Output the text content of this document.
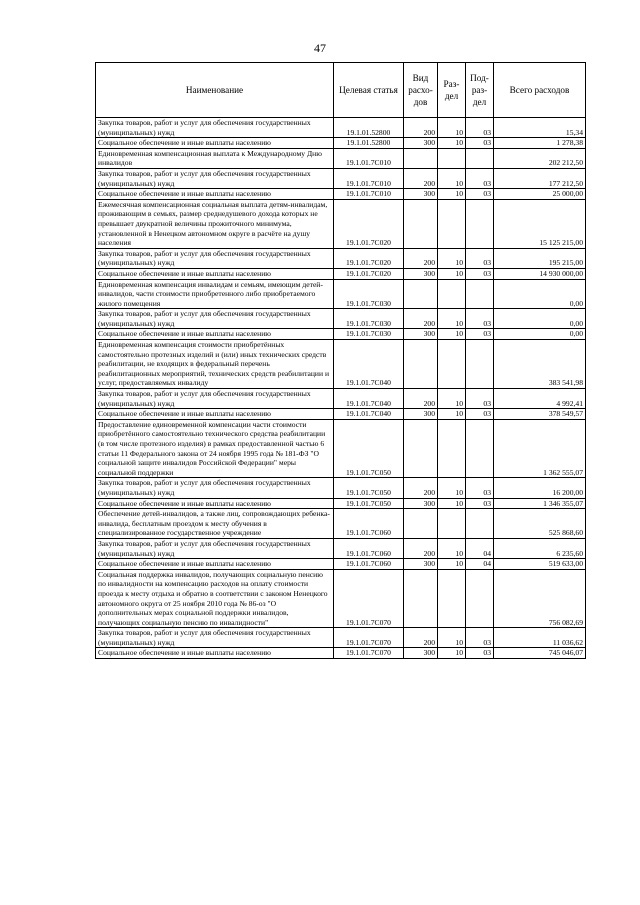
47
Наименование	Целевая статья	Вид расхо- дов	Раз- дел	Под- раз- дел	Всего расходов
Закупка товаров, работ и услуг для обеспечения государственных (муниципальных) нужд	19.1.01.52800	200	10	03	15,34
Социальное обеспечение и иные выплаты населению	19.1.01.52800	300	10	03	1 278,38
Единовременная компенсационная выплата к Международному Дню инвалидов	19.1.01.7С010				202 212,50
Закупка товаров, работ и услуг для обеспечения государственных (муниципальных) нужд	19.1.01.7С010	200	10	03	177 212,50
Социальное обеспечение и иные выплаты населению	19.1.01.7С010	300	10	03	25 000,00
Ежемесячная компенсационная социальная выплата детям-инвалидам, проживающим в семьях, размер среднедушевого дохода которых не превышает двукратной величины прожиточного минимума, установленной в Ненецком автономном округе в расчёте на душу населения	19.1.01.7С020				15 125 215,00
Закупка товаров, работ и услуг для обеспечения государственных (муниципальных) нужд	19.1.01.7С020	200	10	03	195 215,00
Социальное обеспечение и иные выплаты населению	19.1.01.7С020	300	10	03	14 930 000,00
Единовременная компенсация инвалидам и семьям, имеющим детей-инвалидов, части стоимости приобретенного либо приобретаемого жилого помещения	19.1.01.7С030				0,00
Закупка товаров, работ и услуг для обеспечения государственных (муниципальных) нужд	19.1.01.7С030	200	10	03	0,00
Социальное обеспечение и иные выплаты населению	19.1.01.7С030	300	10	03	0,00
Единовременная компенсация стоимости приобретённых самостоятельно протезных изделий и (или) иных технических средств реабилитации, не входящих в федеральный перечень реабилитационных мероприятий, технических средств реабилитации и услуг, предоставляемых инвалиду	19.1.01.7С040				383 541,98
Закупка товаров, работ и услуг для обеспечения государственных (муниципальных) нужд	19.1.01.7С040	200	10	03	4 992,41
Социальное обеспечение и иные выплаты населению	19.1.01.7С040	300	10	03	378 549,57
Предоставление единовременной компенсации части стоимости приобретённого самостоятельно технического средства реабилитации (в том числе протезного изделия) в рамках предоставленной частью 6 статьи 11 Федерального закона от 24 ноября 1995 года № 181-ФЗ "О социальной защите инвалидов Российской Федерации" меры социальной поддержки	19.1.01.7С050				1 362 555,07
Закупка товаров, работ и услуг для обеспечения государственных (муниципальных) нужд	19.1.01.7С050	200	10	03	16 200,00
Социальное обеспечение и иные выплаты населению	19.1.01.7С050	300	10	03	1 346 355,07
Обеспечение детей-инвалидов, а также лиц, сопровождающих ребенка-инвалида, бесплатным проездом к месту обучения в специализированное государственное учреждение	19.1.01.7С060				525 868,60
Закупка товаров, работ и услуг для обеспечения государственных (муниципальных) нужд	19.1.01.7С060	200	10	04	6 235,60
Социальное обеспечение и иные выплаты населению	19.1.01.7С060	300	10	04	519 633,00
Социальная поддержка инвалидов, получающих социальную пенсию по инвалидности на компенсацию расходов на оплату стоимости проезда к месту отдыха и обратно в соответствии с законом Ненецкого автономного округа от 25 ноября 2010 года № 86-оз "О дополнительных мерах социальной поддержки инвалидов, получающих социальную пенсию по инвалидности"	19.1.01.7С070				756 082,69
Закупка товаров, работ и услуг для обеспечения государственных (муниципальных) нужд	19.1.01.7С070	200	10	03	11 036,62
Социальное обеспечение и иные выплаты населению	19.1.01.7С070	300	10	03	745 046,07
